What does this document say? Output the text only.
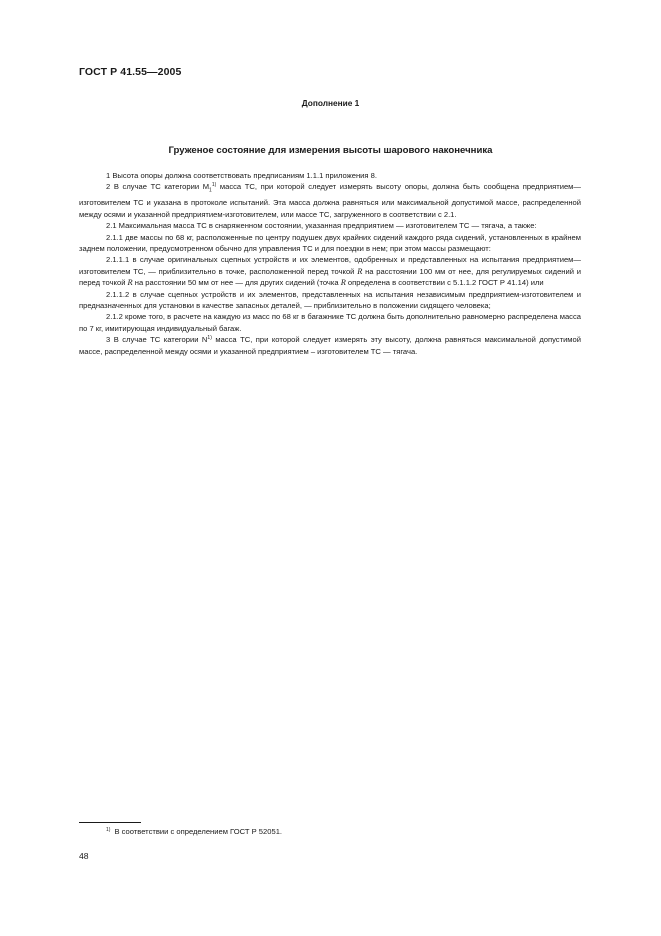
ГОСТ Р 41.55—2005
Дополнение 1
Груженое состояние для измерения высоты шарового наконечника

1 Высота опоры должна соответствовать предписаниям 1.1.1 приложения 8.

2 В случае ТС категории $М_1^{1)}$ масса ТС, при которой следует измерять высоту опоры, должна быть сообщена предприятием—изготовителем ТС и указана в протоколе испытаний. Эта масса должна равняться или максимальной допустимой массе, распределенной между осями и указанной предприятием-изготовителем, или массе ТС, загруженного в соответствии с 2.1.

2.1 Максимальная масса ТС в снаряженном состоянии, указанная предприятием — изготовителем ТС — тягача, а также:

2.1.1 две массы по 68 кг, расположенные по центру подушек двух крайних сидений каждого ряда сидений, установленных в крайнем заднем положении, предусмотренном обычно для управления ТС и для поездки в нем; при этом массы размещают:

2.1.1.1 в случае оригинальных сцепных устройств и их элементов, одобренных и представленных на испытания предприятием—изготовителем ТС, — приблизительно в точке, расположенной перед точкой R на расстоянии 100 мм от нее, для регулируемых сидений и перед точкой R на расстоянии 50 мм от нее — для других сидений (точка R определена в соответствии с 5.1.1.2 ГОСТ Р 41.14) или

2.1.1.2 в случае сцепных устройств и их элементов, представленных на испытания независимым предприятием-изготовителем и предназначенных для установки в качестве запасных деталей, — приблизительно в положении сидящего человека;

2.1.2 кроме того, в расчете на каждую из масс по 68 кг в багажнике ТС должна быть дополнительно равномерно распределена масса по 7 кг, имитирующая индивидуальный багаж.

3 В случае ТС категории $N^{1)}$ масса ТС, при которой следует измерять эту высоту, должна равняться максимальной допустимой массе, распределенной между осями и указанной предприятием – изготовителем ТС — тягача.

$^{1)}$ В соответствии с определением ГОСТ Р 52051.
48
